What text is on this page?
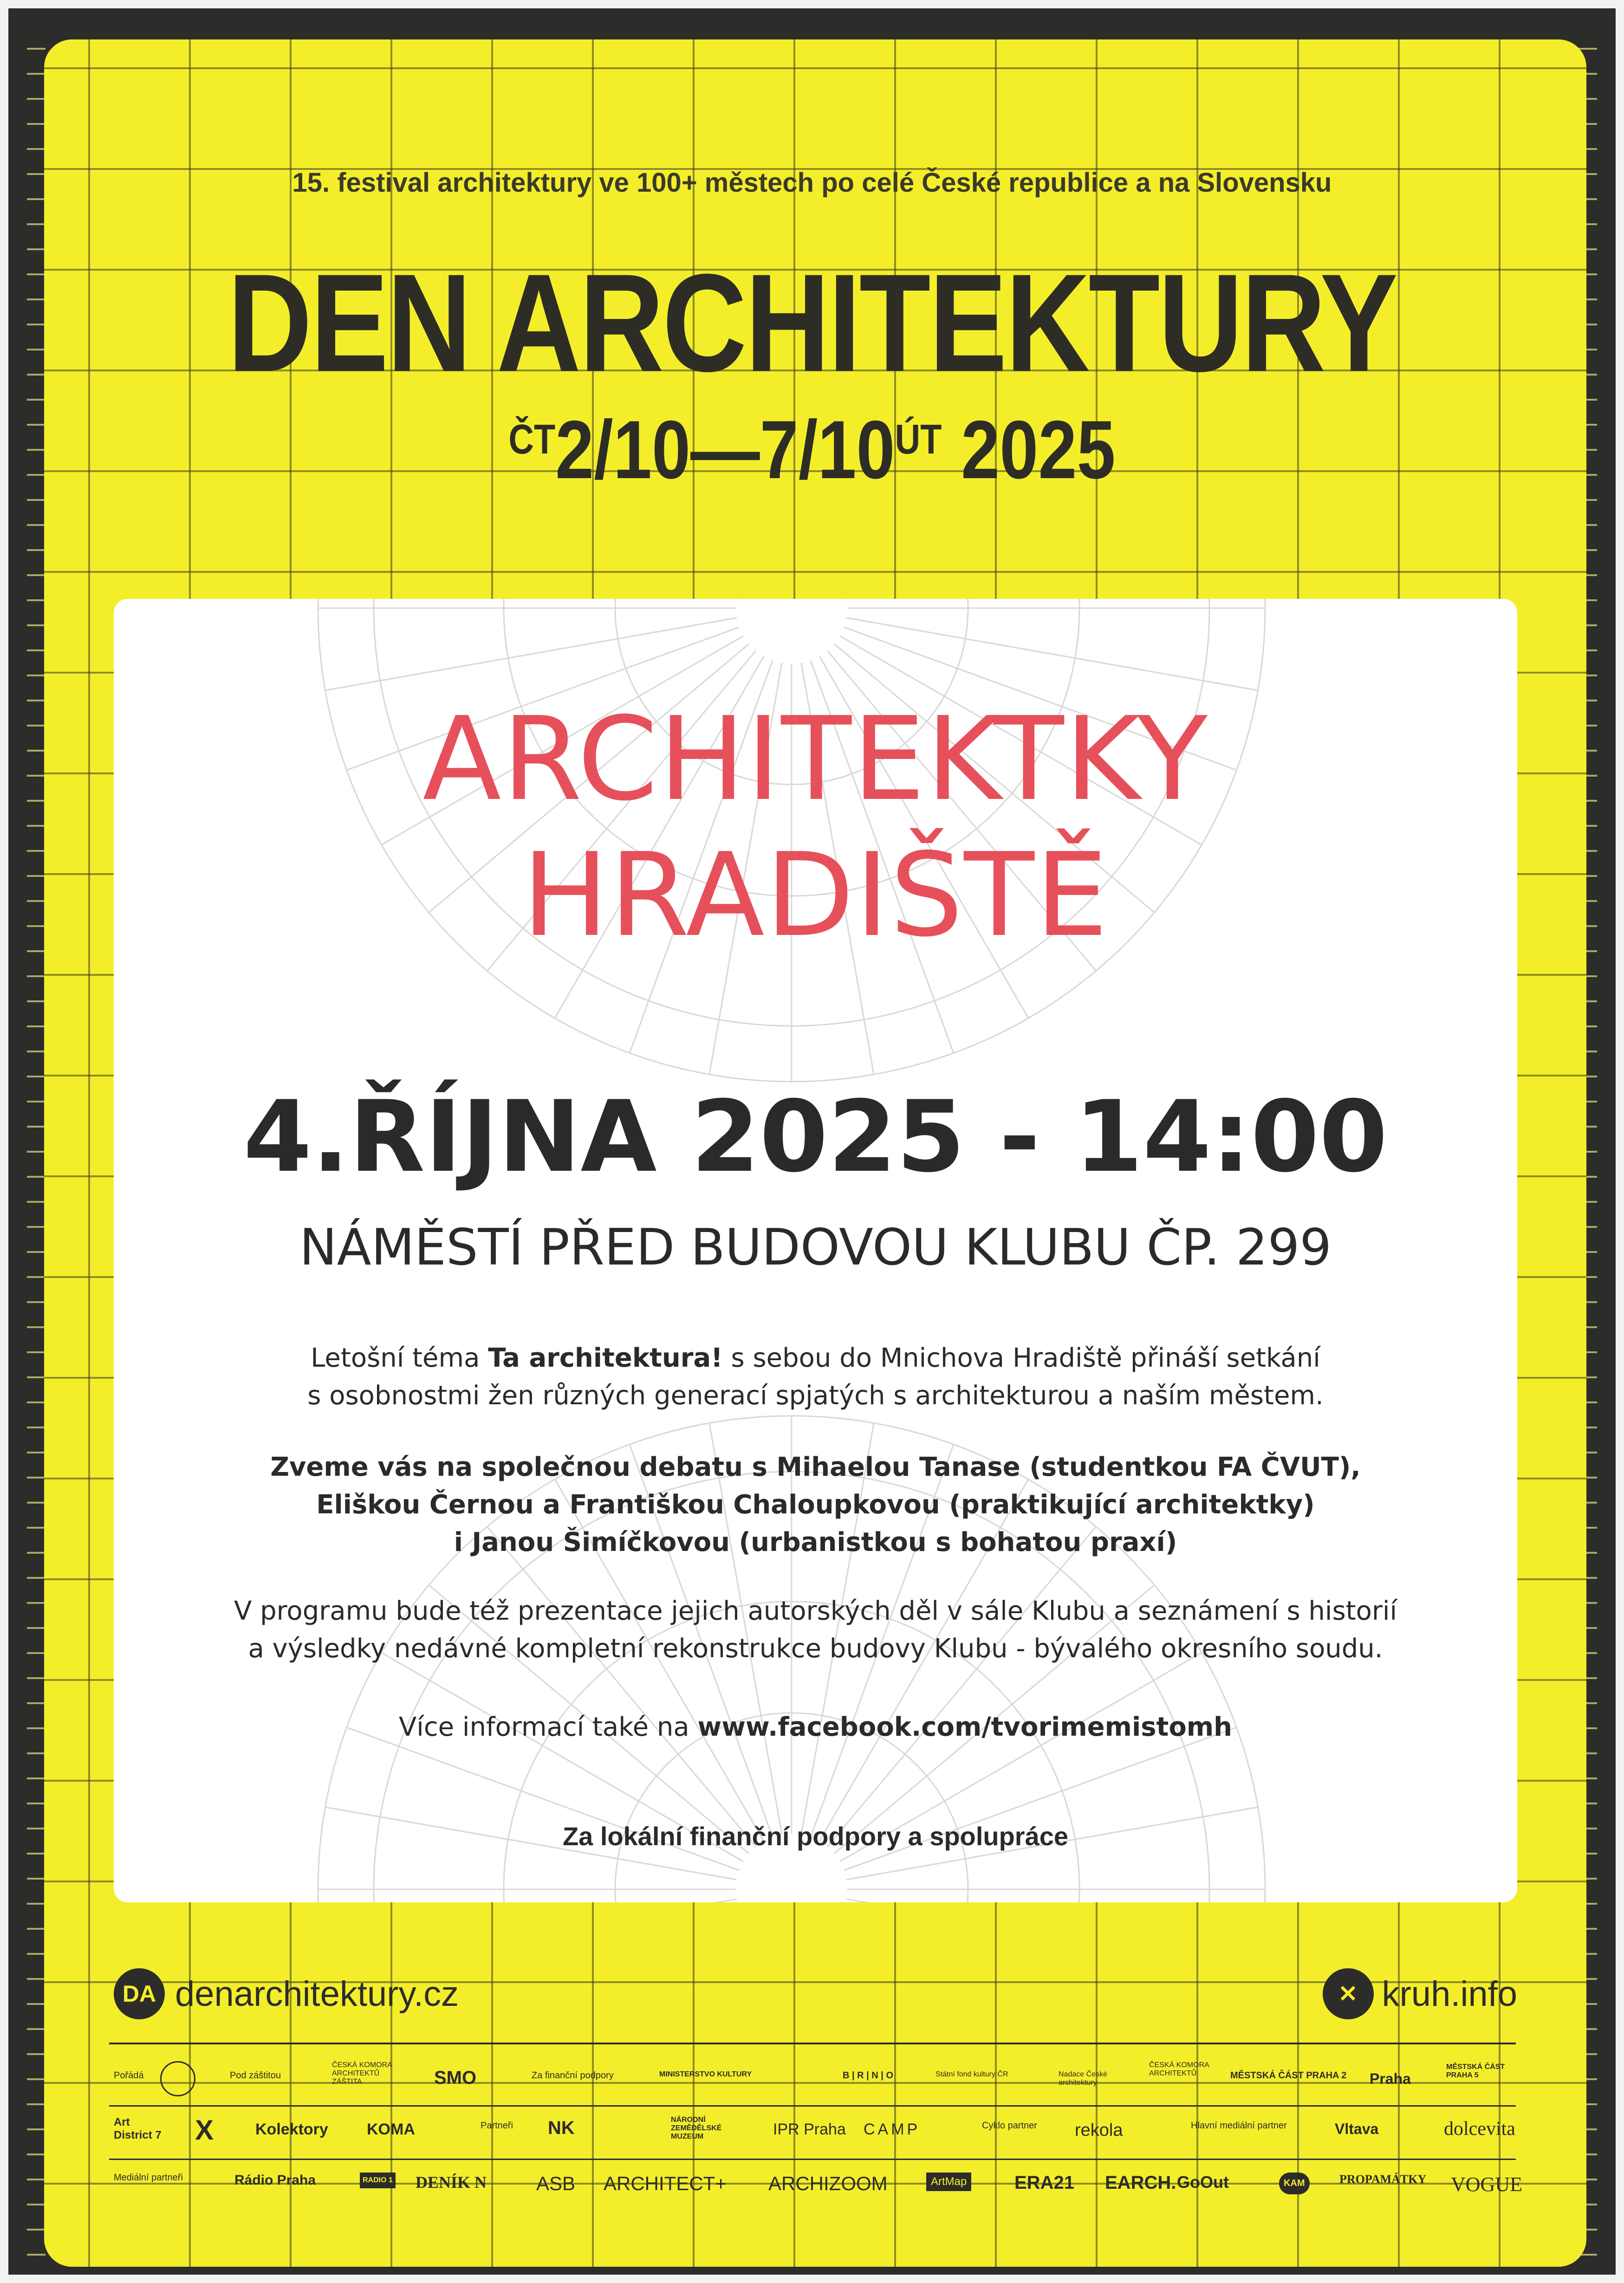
15. festival architektury ve 100+ městech po celé České republice a na Slovensku
DEN ARCHITEKTURY
ČT2/10—7/10ÚT 2025
ARCHITEKTKY
HRADIŠTĚ
4.ŘÍJNA 2025 - 14:00
NÁMĚSTÍ PŘED BUDOVOU KLUBU ČP. 299
Letošní téma Ta architektura! s sebou do Mnichova Hradiště přináší setkání
s osobnostmi žen různých generací spjatých s architekturou a naším městem.
Zveme vás na společnou debatu s Mihaelou Tanase (studentkou FA ČVUT),
Eliškou Černou a Františkou Chaloupkovou (praktikující architektky)
i Janou Šimíčkovou (urbanistkou s bohatou praxí)
V programu bude též prezentace jejich autorských děl v sále Klubu a seznámení s historií
a výsledky nedávné kompletní rekonstrukce budovy Klubu - bývalého okresního soudu.
Více informací také na www.facebook.com/tvorimemistomh
Za lokální finanční podpory a spolupráce
DA denarchitektury.cz	✕ kruh.info
Pořádá	Pod záštitou
ČESKÁ KOMORA ARCHITEKTŮ ZÁŠTITA	SMO	Za finanční podpory	MINISTERSTVO KULTURY	B | R | N | O	Státní fond kultury ČR	Nadace České architektury
ČESKÁ KOMORA ARCHITEKTŮ	MĚSTSKÁ ČÁST PRAHA 2 Praha
MĚSTSKÁ ČÁST PRAHA 5
Art District 7 X	Kolektory KOMA	Partneři NK	NÁRODNÍ ZEMĚDĚLSKÉ MUZEUM	IPR Praha CAMP	Cyklo partner rekola	Hlavní mediální partner	Vltava	dolcevita
Mediální partneři	Rádio Praha	RADIO 1 DENÍK N	ASB ARCHITECT+ ARCHIZOOM	ArtMap	ERA21 EARCH. GoOut	KAM	PROPAMÁTKY VOGUE
